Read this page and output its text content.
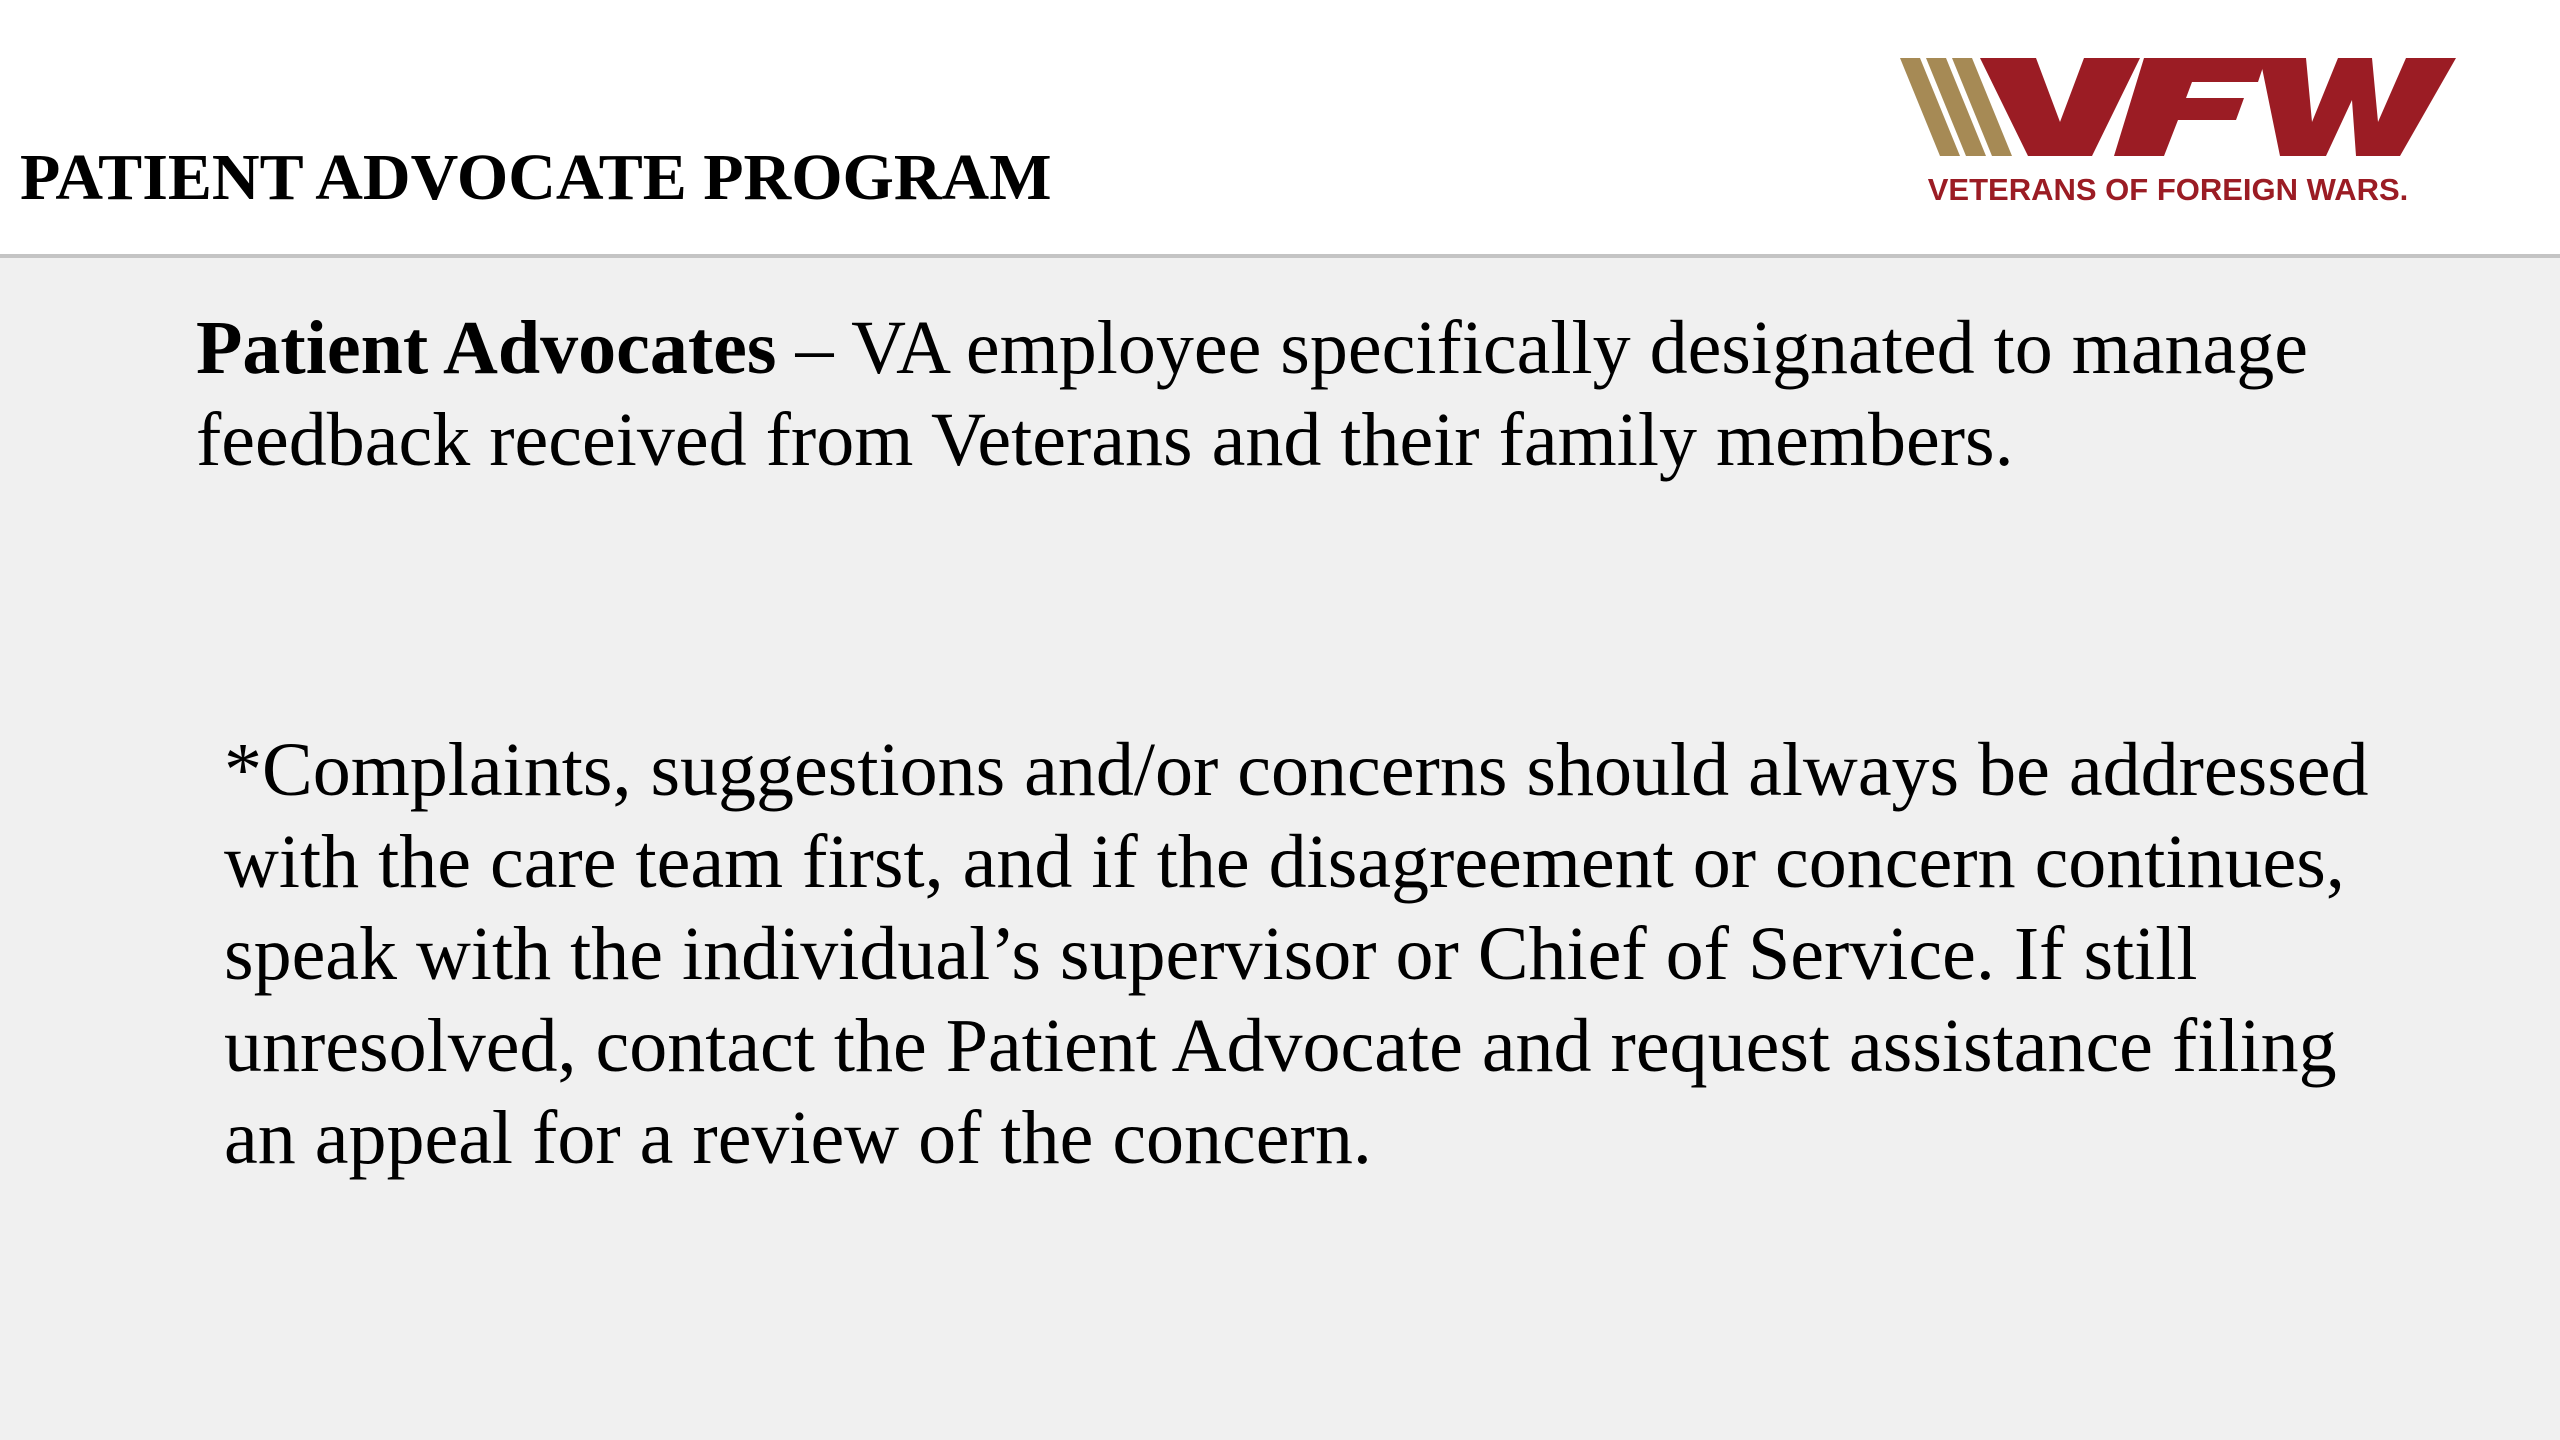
PATIENT ADVOCATE PROGRAM	VETERANS OF FOREIGN WARS.

Patient Advocates – VA employee specifically designated to manage feedback received from Veterans and their family members.

*Complaints, suggestions and/or concerns should always be addressed with the care team first, and if the disagreement or concern continues, speak with the individual’s supervisor or Chief of Service. If still unresolved, contact the Patient Advocate and request assistance filing an appeal for a review of the concern.
